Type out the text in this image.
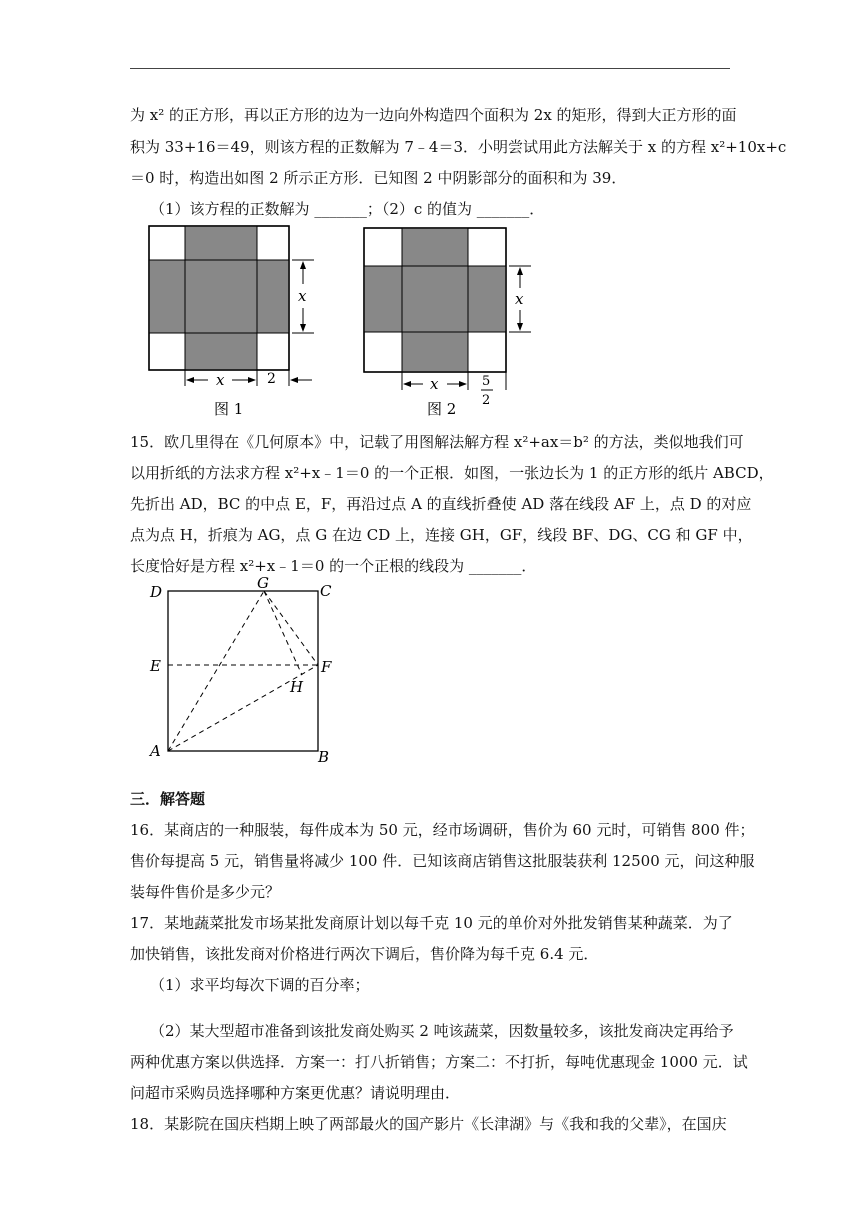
为 x² 的正方形，再以正方形的边为一边向外构造四个面积为 2x 的矩形，得到大正方形的面
积为 33+16＝49，则该方程的正数解为 7﹣4＝3．小明尝试用此方法解关于 x 的方程 x²+10x+c
＝0 时，构造出如图 2 所示正方形．已知图 2 中阴影部分的面积和为 39．
（1）该方程的正数解为 _______；（2）c 的值为 _______．
x
x	2
图 1
x
x	5
2
图 2
15．欧几里得在《几何原本》中，记载了用图解法解方程 x²+ax＝b² 的方法，类似地我们可
以用折纸的方法求方程 x²+x﹣1＝0 的一个正根．如图，一张边长为 1 的正方形的纸片 ABCD，
先折出 AD，BC 的中点 E，F，再沿过点 A 的直线折叠使 AD 落在线段 AF 上，点 D 的对应
点为点 H，折痕为 AG，点 G 在边 CD 上，连接 GH，GF，线段 BF、DG、CG 和 GF 中，
长度恰好是方程 x²+x﹣1＝0 的一个正根的线段为 _______．
D	C
G
E	F
H
A	B
三．解答题
16．某商店的一种服装，每件成本为 50 元，经市场调研，售价为 60 元时，可销售 800 件；
售价每提高 5 元，销售量将减少 100 件．已知该商店销售这批服装获利 12500 元，问这种服
装每件售价是多少元？
17．某地蔬菜批发市场某批发商原计划以每千克 10 元的单价对外批发销售某种蔬菜．为了
加快销售，该批发商对价格进行两次下调后，售价降为每千克 6.4 元．
（1）求平均每次下调的百分率；
（2）某大型超市准备到该批发商处购买 2 吨该蔬菜，因数量较多，该批发商决定再给予
两种优惠方案以供选择．方案一：打八折销售；方案二：不打折，每吨优惠现金 1000 元．试
问超市采购员选择哪种方案更优惠？请说明理由．
18．某影院在国庆档期上映了两部最火的国产影片《长津湖》与《我和我的父辈》，在国庆
